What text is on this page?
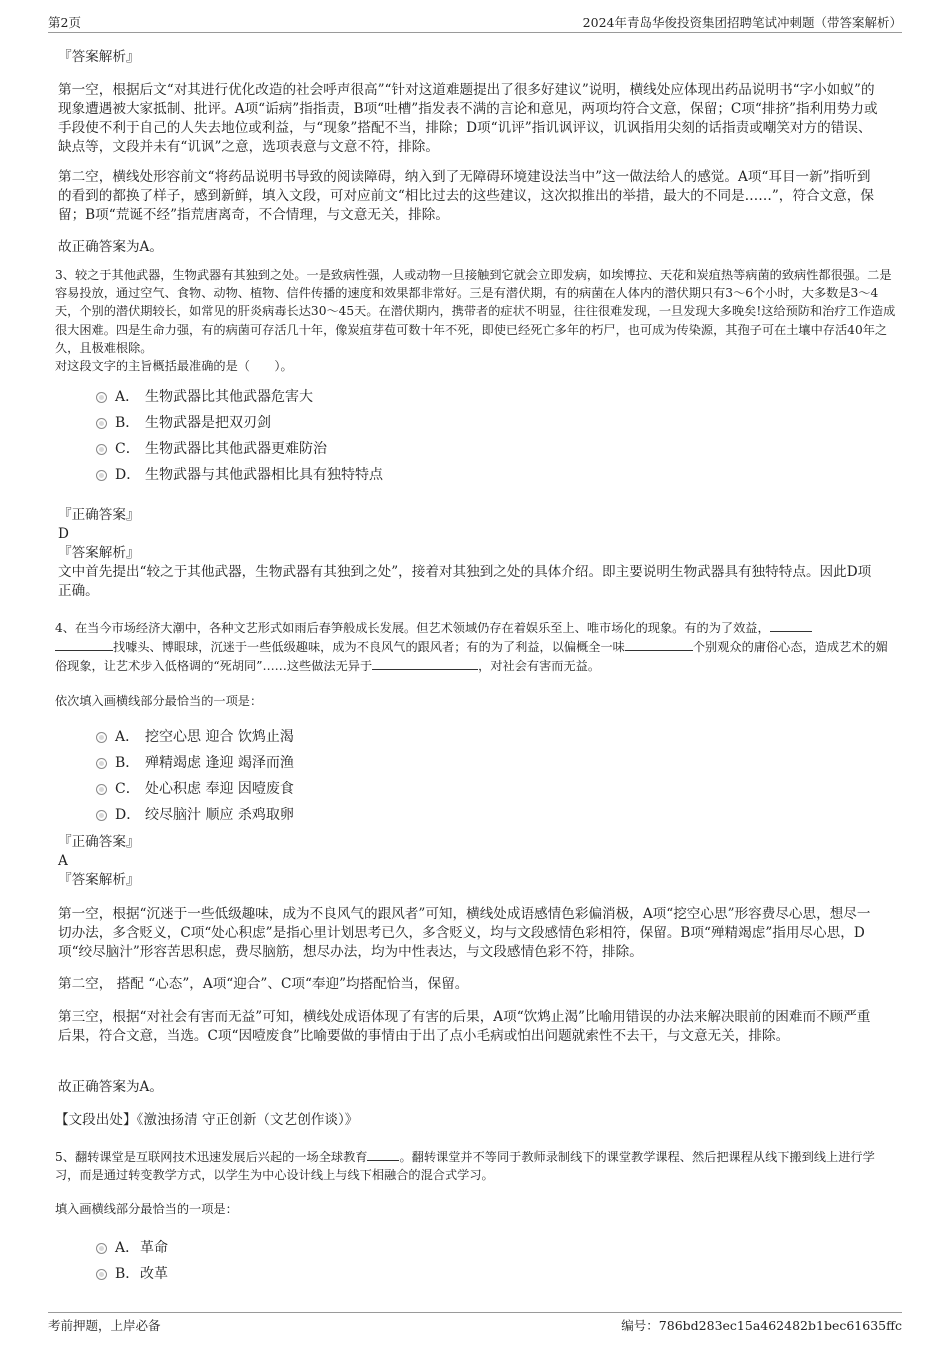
第2页	2024年青岛华俊投资集团招聘笔试冲刺题（带答案解析）

『答案解析』

第一空，根据后文“对其进行优化改造的社会呼声很高”“针对这道难题提出了很多好建议”说明，横线处应体现出药品说明书“字小如蚁”的现象遭遇被大家抵制、批评。A项“诟病”指指责，B项“吐槽”指发表不满的言论和意见，两项均符合文意，保留；C项“排挤”指利用势力或手段使不利于自己的人失去地位或利益，与“现象”搭配不当，排除；D项“讥评”指讥讽评议，讥讽指用尖刻的话指责或嘲笑对方的错误、缺点等，文段并未有“讥讽”之意，选项表意与文意不符，排除。

第二空，横线处形容前文“将药品说明书导致的阅读障碍，纳入到了无障碍环境建设法当中”这一做法给人的感觉。A项“耳目一新”指听到的看到的都换了样子，感到新鲜，填入文段，可对应前文“相比过去的这些建议，这次拟推出的举措，最大的不同是……”，符合文意，保留；B项“荒诞不经”指荒唐离奇，不合情理，与文意无关，排除。

故正确答案为A。

3、较之于其他武器，生物武器有其独到之处。一是致病性强，人或动物一旦接触到它就会立即发病，如埃博拉、天花和炭疽热等病菌的致病性都很强。二是容易投放，通过空气、食物、动物、植物、信件传播的速度和效果都非常好。三是有潜伏期，有的病菌在人体内的潜伏期只有3～6个小时，大多数是3～4天，个别的潜伏期较长，如常见的肝炎病毒长达30～45天。在潜伏期内，携带者的症状不明显，往往很难发现，一旦发现大多晚矣!这给预防和治疗工作造成很大困难。四是生命力强，有的病菌可存活几十年，像炭疽芽苞可数十年不死，即使已经死亡多年的朽尸，也可成为传染源，其孢子可在土壤中存活40年之久，且极难根除。

对这段文字的主旨概括最准确的是（　　）。

A． 生物武器比其他武器危害大
B． 生物武器是把双刃剑
C． 生物武器比其他武器更难防治
D． 生物武器与其他武器相比具有独特特点

『正确答案』

D

『答案解析』

文中首先提出“较之于其他武器，生物武器有其独到之处”，接着对其独到之处的具体介绍。即主要说明生物武器具有独特特点。因此D项正确。

4、在当今市场经济大潮中，各种文艺形式如雨后春笋般成长发展。但艺术领域仍存在着娱乐至上、唯市场化的现象。有的为了效益，
找噱头、博眼球，沉迷于一些低级趣味，成为不良风气的跟风者；有的为了利益，以偏概全一味	个别观众的庸俗心态，造成艺术的媚俗现象，让艺术步入低格调的“死胡同”……这些做法无异于	，对社会有害而无益。

依次填入画横线部分最恰当的一项是：

A． 挖空心思 迎合 饮鸩止渴
B． 殚精竭虑 逢迎 竭泽而渔
C． 处心积虑 奉迎 因噎废食
D． 绞尽脑汁 顺应 杀鸡取卵

『正确答案』

A

『答案解析』

第一空，根据“沉迷于一些低级趣味，成为不良风气的跟风者”可知，横线处成语感情色彩偏消极，A项“挖空心思”形容费尽心思，想尽一切办法，多含贬义，C项“处心积虑”是指心里计划思考已久，多含贬义，均与文段感情色彩相符，保留。B项“殚精竭虑”指用尽心思，D项“绞尽脑汁”形容苦思积虑，费尽脑筋，想尽办法，均为中性表达，与文段感情色彩不符，排除。

第二空， 搭配 “心态”，A项“迎合”、C项“奉迎”均搭配恰当，保留。

第三空，根据“对社会有害而无益”可知，横线处成语体现了有害的后果，A项“饮鸩止渴”比喻用错误的办法来解决眼前的困难而不顾严重后果，符合文意，当选。C项“因噎废食”比喻要做的事情由于出了点小毛病或怕出问题就索性不去干，与文意无关，排除。

故正确答案为A。

【文段出处】《激浊扬清 守正创新（文艺创作谈）》

5、翻转课堂是互联网技术迅速发展后兴起的一场全球教育	。翻转课堂并不等同于教师录制线下的课堂教学课程、然后把课程从线下搬到线上进行学习，而是通过转变教学方式，以学生为中心设计线上与线下相融合的混合式学习。

填入画横线部分最恰当的一项是：

A． 革命
B． 改革
考前押题，上岸必备	编号：786bd283ec15a462482b1bec61635ffc
